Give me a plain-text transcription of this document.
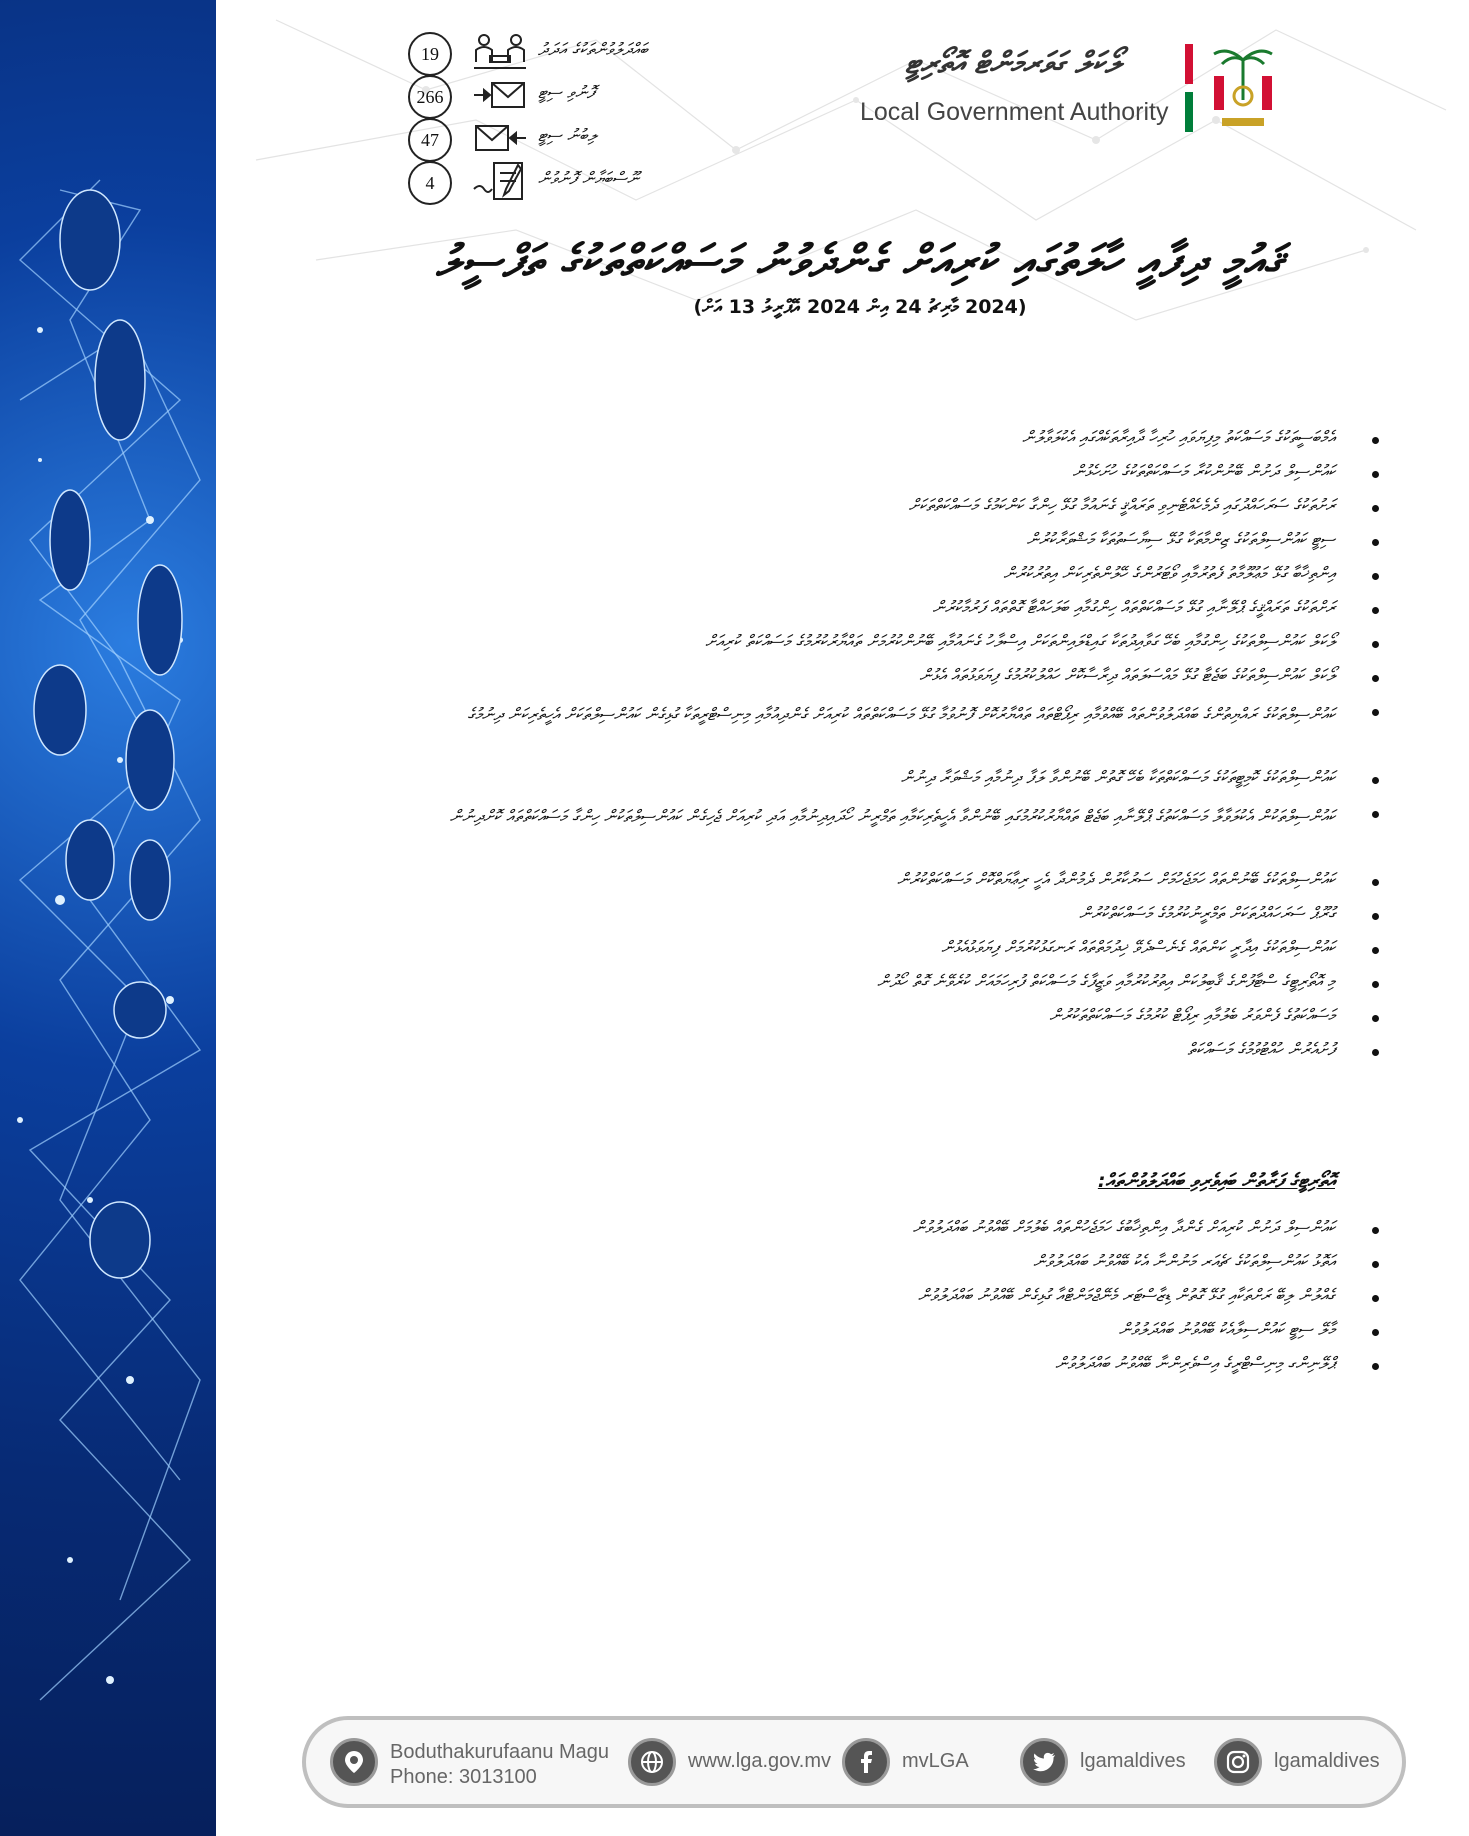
19	ބައްދަލުވުންތަކުގެ އަދަދު
266	ފޮނުވި ސިޓީ
47	ލިބުނު ސިޓީ
4	ނޫސްބަޔާން ފޮނުވުން
ލޯކަލް ގަވަރމަންޓް އޮތޯރިޓީ
Local Government Authority
ޤައުމީ ދިފާއީ ހާލަތުގައި ކުރިއަށް ގެންދެވުނު މަސައްކަތްތަކުގެ ތަފްސީލު
(2024 މާރިޗު 24 އިން 2024 އޭޕްރީލު 13 އަށް)
އެމްބަސީތަކުގެ މަސައްކަތު މިފިޔަވައި ހުރިހާ ދާއިރާތަކެއްގައި އެކުލަވާލުން
ކައުންސިލް ދަށުން ބޭނުންކުރާ މަސައްކަތްތަކުގެ ހުށަހެޅުން
ރަށުތަކުގެ ސަރަހައްދުގައި ދެމެހެއްޓެނިވި ތަރައްޤީ ގެނައުމާ ގުޅޭ ހިންގާ ކަންކަމުގެ މަސައްކަތްތަކަށް
ސިޓީ ކައުންސިލްތަކުގެ ޒިންމާތަކާ ގުޅޭ ސިޔާސަތުތަކާ މަޝްވަރާކުރުން
އިންތިޚާބާ ގުޅޭ މަޢުލޫމާތު ފެތުރުމާއި ވޯޓަރުންގެ ހޭލުންތެރިކަން އިތުރުކުރުން
ރަށްތަކުގެ ތަރައްޤީގެ ޕްލޭނާއި ގުޅޭ މަސައްކަތްތައް ހިންގުމާއި ބަލަހައްޓާ ގޮތްތައް ފަރުމާކުރުން
ލޯކަލް ކައުންސިލްތަކުގެ ހިންގުމާއި ބެހޭ ގަވާއިދުތަކާ ގައިޑްލައިންތަކަށް އިސްލާހު ގެނައުމާއި ބޭނުންކުރުމަށް ތައްޔާރުކުރުމުގެ މަސައްކަތް ކުރިއަށް
ލޯކަލް ކައުންސިލްތަކުގެ ބަޖެޓާ ގުޅޭ މައްސަލަތައް ދިރާސާކޮށް ހައްލުކުރުމުގެ ފިޔަވަޅުތައް އެޅުން
ކައުންސިލްތަކުގެ ރައްޔިތުންގެ ބައްދަލުވުންތައް ބޭއްވުމާއި ރިޕޯޓްތައް ތައްޔާރުކޮށް ފޮނުވުމާ ގުޅޭ މަސައްކަތްތައް ކުރިއަށް ގެންދިއުމާއި މިނިސްޓްރީތަކާ ގުޅިގެން ކައުންސިލްތަކަށް އެހީތެރިކަން ދިނުމުގެ
ކައުންސިލްތަކުގެ ކޮމިޓީތަކުގެ މަސައްކަތްތަކާ ބެހޭ ގޮތުން ބޭނުންވާ ލަފާ ދިނުމާއި މަޝްވަރާ ދިނުން
ކައުންސިލްތަކުން އެކުލަވާލާ މަސައްކަތުގެ ޕްލޭނާއި ބަޖެޓް ތައްޔާރުކުރުމުގައި ބޭނުންވާ އެހީތެރިކަމާއި ތަމްރީނު ހޯދައިދިނުމާއި އަދި ކުރިއަށް ޖެހިގެން ކައުންސިލްތަކުން ހިންގާ މަސައްކަތްތައް ކޮށްދިނުން
ކައުންސިލްތަކުގެ ބޭނުންތައް ހަމަޖެހުމަށް ސަރުކާރުން ދެމުންދާ އެހީ ރިޢާޔަތްކޮށް މަސައްކަތްކުރުން
ގުރޫޕް ސަރަހައްދުތަކަށް ތަމްރީނުކުރުމުގެ މަސައްކަތްކުރުން
ކައުންސިލްތަކުގެ އިދާރީ ކަންތައް ގެނެސްދެވޭ ޚިދުމަތްތައް ރަނގަޅުކުރުމަށް ފިޔަވަޅުއެޅުން
މި އޮތޯރިޓީގެ ސްޓާފުންގެ ޤާބިލުކަން އިތުރުކުރުމާއި ވަޒީފާގެ މަސައްކަތް ފުރިހަމައަށް ކުރެވޭނެ ގޮތް ހޯދުން
މަސައްކަތުގެ ފެންވަރު ބެލުމާއި ރިޕޯޓް ކުރުމުގެ މަސައްކަތްތަކުރުން
ފުށުއެރުން ހުއްޓުވުމުގެ މަސައްކަތް
އޮތޯރިޓީގެ ފަރާތުން ބައިވެރިވި ބައްދަލުވުންތައް:
ކައުންސިލް ދަށުން ކުރިއަށް ގެންދާ އިންތިޚާބުގެ ހަމަޖެހުންތައް ބެލުމަށް ބޭއްވުނު ބައްދަލުވުން
އަތޮޅު ކައުންސިލްތަކުގެ ޗެއަރ މަނުންނާ އެކު ބޭއްވުނު ބައްދަލުވުން
ގެއްލުން ލިބޭ ރަށްތަކާއި ގުޅޭ ގޮތުން ޑިޒާސްޓަރ މެނޭޖްމަންޓްއާ ގުޅިގެން ބޭއްވުނު ބައްދަލުވުން
މާލޭ ސިޓީ ކައުންސިލާއެކު ބޭއްވުނު ބައްދަލުވުން
ޕްލޭނިންގ މިނިސްޓްރީގެ އިސްވެރިންނާ ބޭއްވުނު ބައްދަލުވުން
Boduthakurufaanu Magu
Phone: 3013100
www.lga.gov.mv	mvLGA	lgamaldives	lgamaldives
